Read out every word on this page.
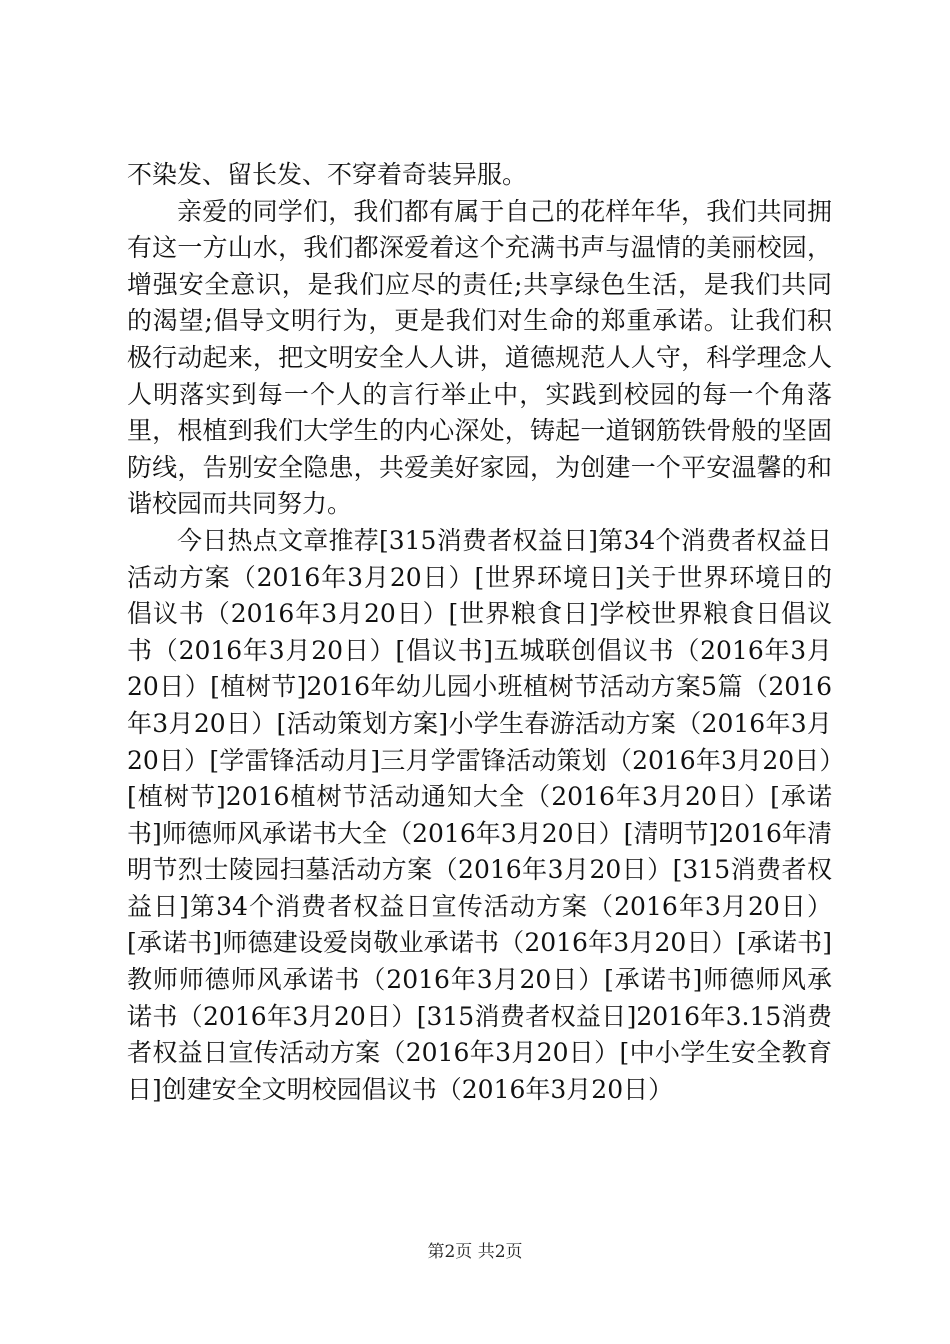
不染发、留长发、不穿着奇装异服。

亲爱的同学们，我们都有属于自己的花样年华，我们共同拥有这一方山水，我们都深爱着这个充满书声与温情的美丽校园，增强安全意识，是我们应尽的责任;共享绿色生活，是我们共同的渴望;倡导文明行为，更是我们对生命的郑重承诺。让我们积极行动起来，把文明安全人人讲，道德规范人人守，科学理念人人明落实到每一个人的言行举止中，实践到校园的每一个角落里，根植到我们大学生的内心深处，铸起一道钢筋铁骨般的坚固防线，告别安全隐患，共爱美好家园，为创建一个平安温馨的和谐校园而共同努力。

今日热点文章推荐[315消费者权益日]第34个消费者权益日活动方案（2016年3月20日）[世界环境日]关于世界环境日的倡议书（2016年3月20日）[世界粮食日]学校世界粮食日倡议书（2016年3月20日）[倡议书]五城联创倡议书（2016年3月20日）[植树节]2016年幼儿园小班植树节活动方案5篇（2016年3月20日）[活动策划方案]小学生春游活动方案（2016年3月20日）[学雷锋活动月]三月学雷锋活动策划（2016年3月20日）[植树节]2016植树节活动通知大全（2016年3月20日）[承诺书]师德师风承诺书大全（2016年3月20日）[清明节]2016年清明节烈士陵园扫墓活动方案（2016年3月20日）[315消费者权益日]第34个消费者权益日宣传活动方案（2016年3月20日）[承诺书]师德建设爱岗敬业承诺书（2016年3月20日）[承诺书]教师师德师风承诺书（2016年3月20日）[承诺书]师德师风承诺书（2016年3月20日）[315消费者权益日]2016年3.15消费者权益日宣传活动方案（2016年3月20日）[中小学生安全教育日]创建安全文明校园倡议书（2016年3月20日）

第2页 共2页
